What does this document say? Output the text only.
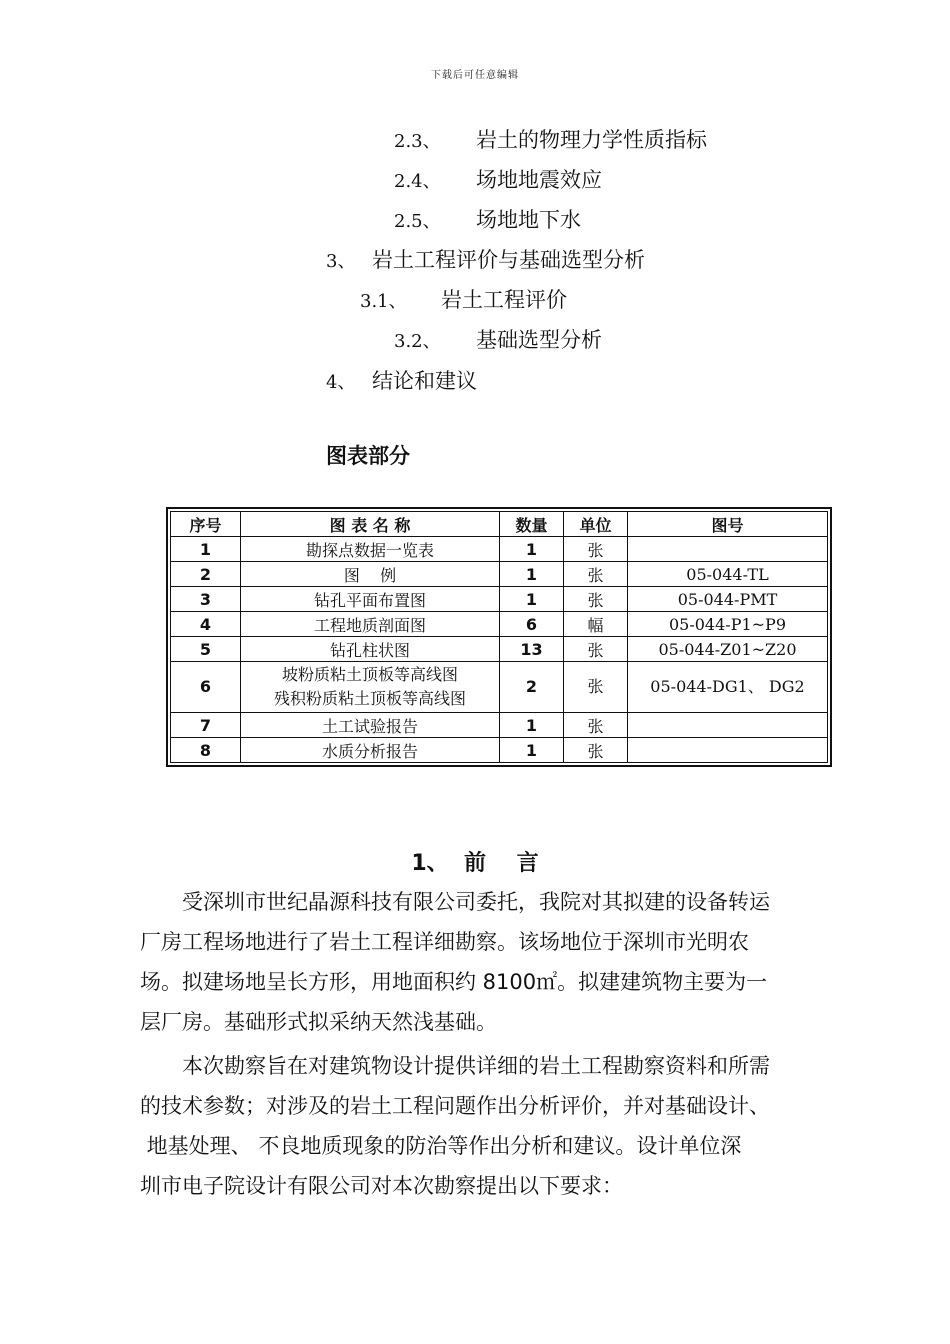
下载后可任意编辑
2.3、 岩土的物理力学性质指标
2.4、 场地地震效应
2.5、 场地地下水
3、 岩土工程评价与基础选型分析
3.1、 岩土工程评价
3.2、 基础选型分析
4、 结论和建议
图表部分
序号	图 表 名 称	数量	单位	图号
1	勘探点数据一览表	1	张	
2	图    例	1	张	05-044-TL
3	钻孔平面布置图	1	张	05-044-PMT
4	工程地质剖面图	6	幅	05-044-P1~P9
5	钻孔柱状图	13	张	05-044-Z01~Z20
6	坡粉质粘土顶板等高线图
残积粉质粘土顶板等高线图	2	张	05-044-DG1、 DG2
7	土工试验报告	1	张	
8	水质分析报告	1	张	
1、  前    言

　　受深圳市世纪晶源科技有限公司委托，我院对其拟建的设备转运

厂房工程场地进行了岩土工程详细勘察。该场地位于深圳市光明农

场。拟建场地呈长方形，用地面积约 8100㎡。拟建建筑物主要为一

层厂房。基础形式拟采纳天然浅基础。

　　本次勘察旨在对建筑物设计提供详细的岩土工程勘察资料和所需

的技术参数；对涉及的岩土工程问题作出分析评价，并对基础设计、

地基处理、 不良地质现象的防治等作出分析和建议。设计单位深

圳市电子院设计有限公司对本次勘察提出以下要求：
